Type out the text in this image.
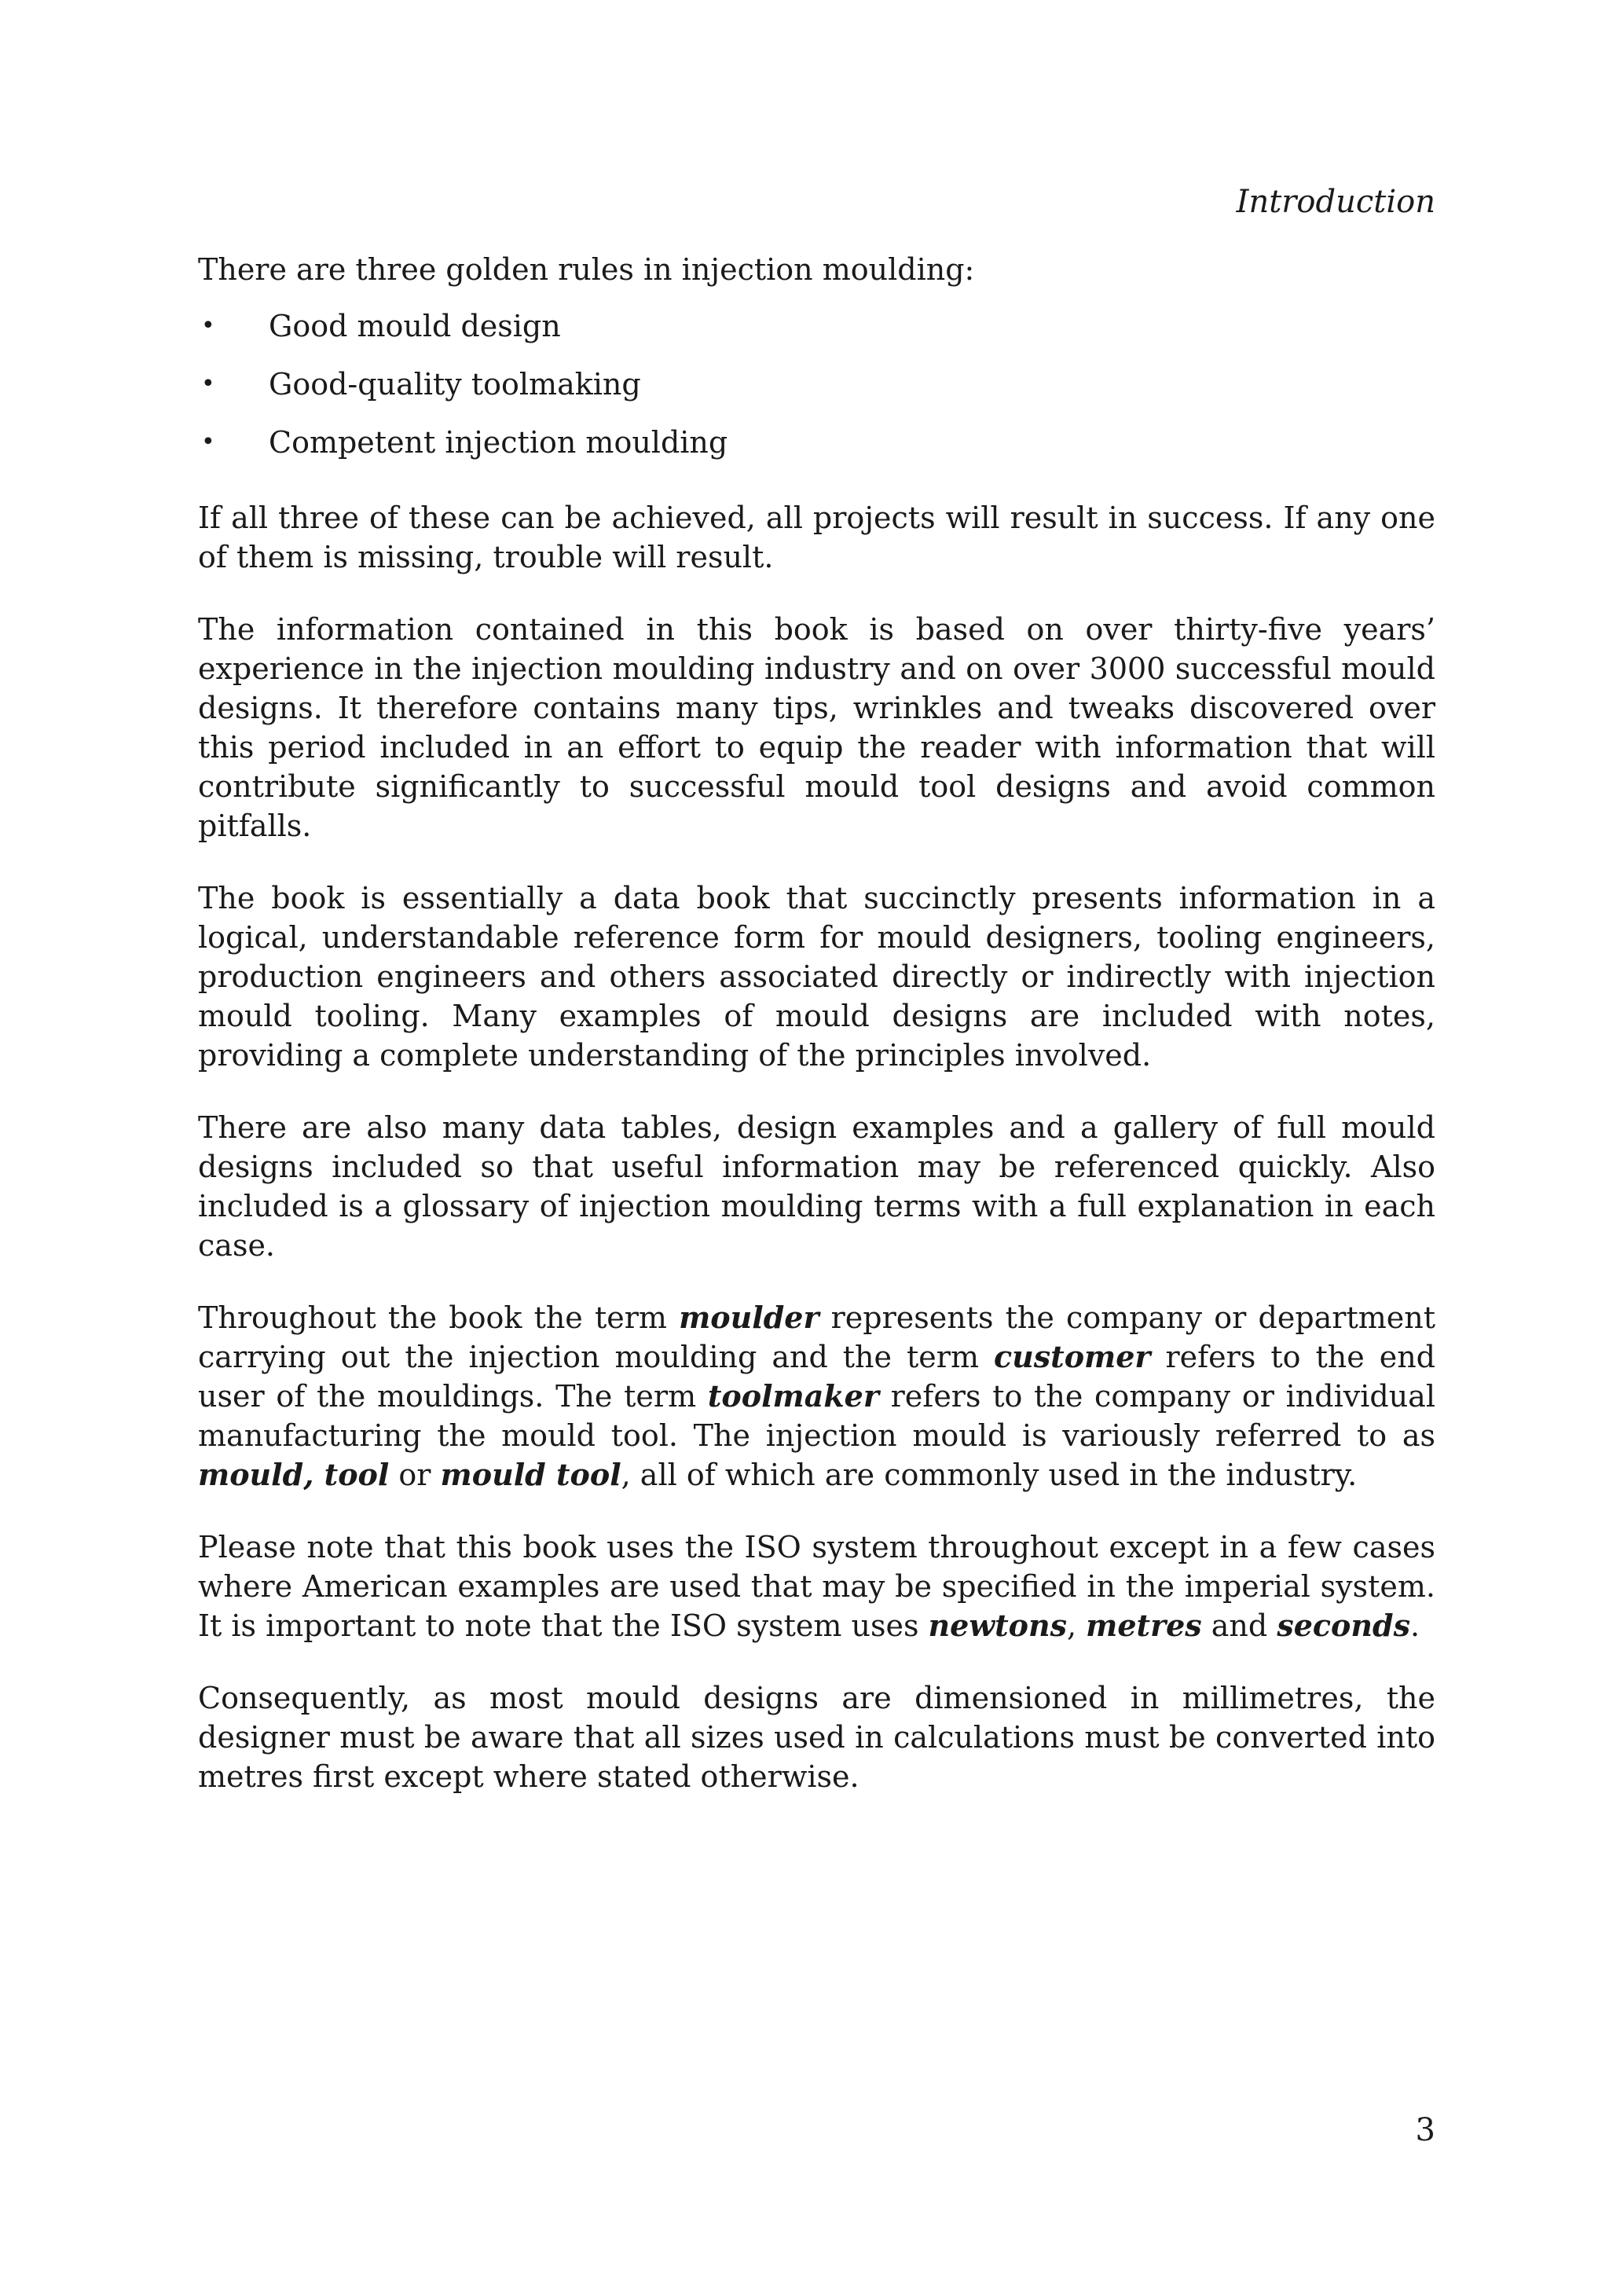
Introduction

There are three golden rules in injection moulding:

• Good mould design
• Good-quality toolmaking
• Competent injection moulding

If all three of these can be achieved, all projects will result in success. If any one of them is missing, trouble will result.

The information contained in this book is based on over thirty-five years’ experience in the injection moulding industry and on over 3000 successful mould designs. It therefore contains many tips, wrinkles and tweaks discovered over this period included in an effort to equip the reader with information that will contribute significantly to successful mould tool designs and avoid common pitfalls.

The book is essentially a data book that succinctly presents information in a logical, understandable reference form for mould designers, tooling engineers, production engineers and others associated directly or indirectly with injection mould tooling. Many examples of mould designs are included with notes, providing a complete understanding of the principles involved.

There are also many data tables, design examples and a gallery of full mould designs included so that useful information may be referenced quickly. Also included is a glossary of injection moulding terms with a full explanation in each case.

Throughout the book the term moulder represents the company or department carrying out the injection moulding and the term customer refers to the end user of the mouldings. The term toolmaker refers to the company or individual manufacturing the mould tool. The injection mould is variously referred to as mould, tool or mould tool, all of which are commonly used in the industry.

Please note that this book uses the ISO system throughout except in a few cases where American examples are used that may be specified in the imperial system. It is important to note that the ISO system uses newtons, metres and seconds.

Consequently, as most mould designs are dimensioned in millimetres, the designer must be aware that all sizes used in calculations must be converted into metres first except where stated otherwise.

3
